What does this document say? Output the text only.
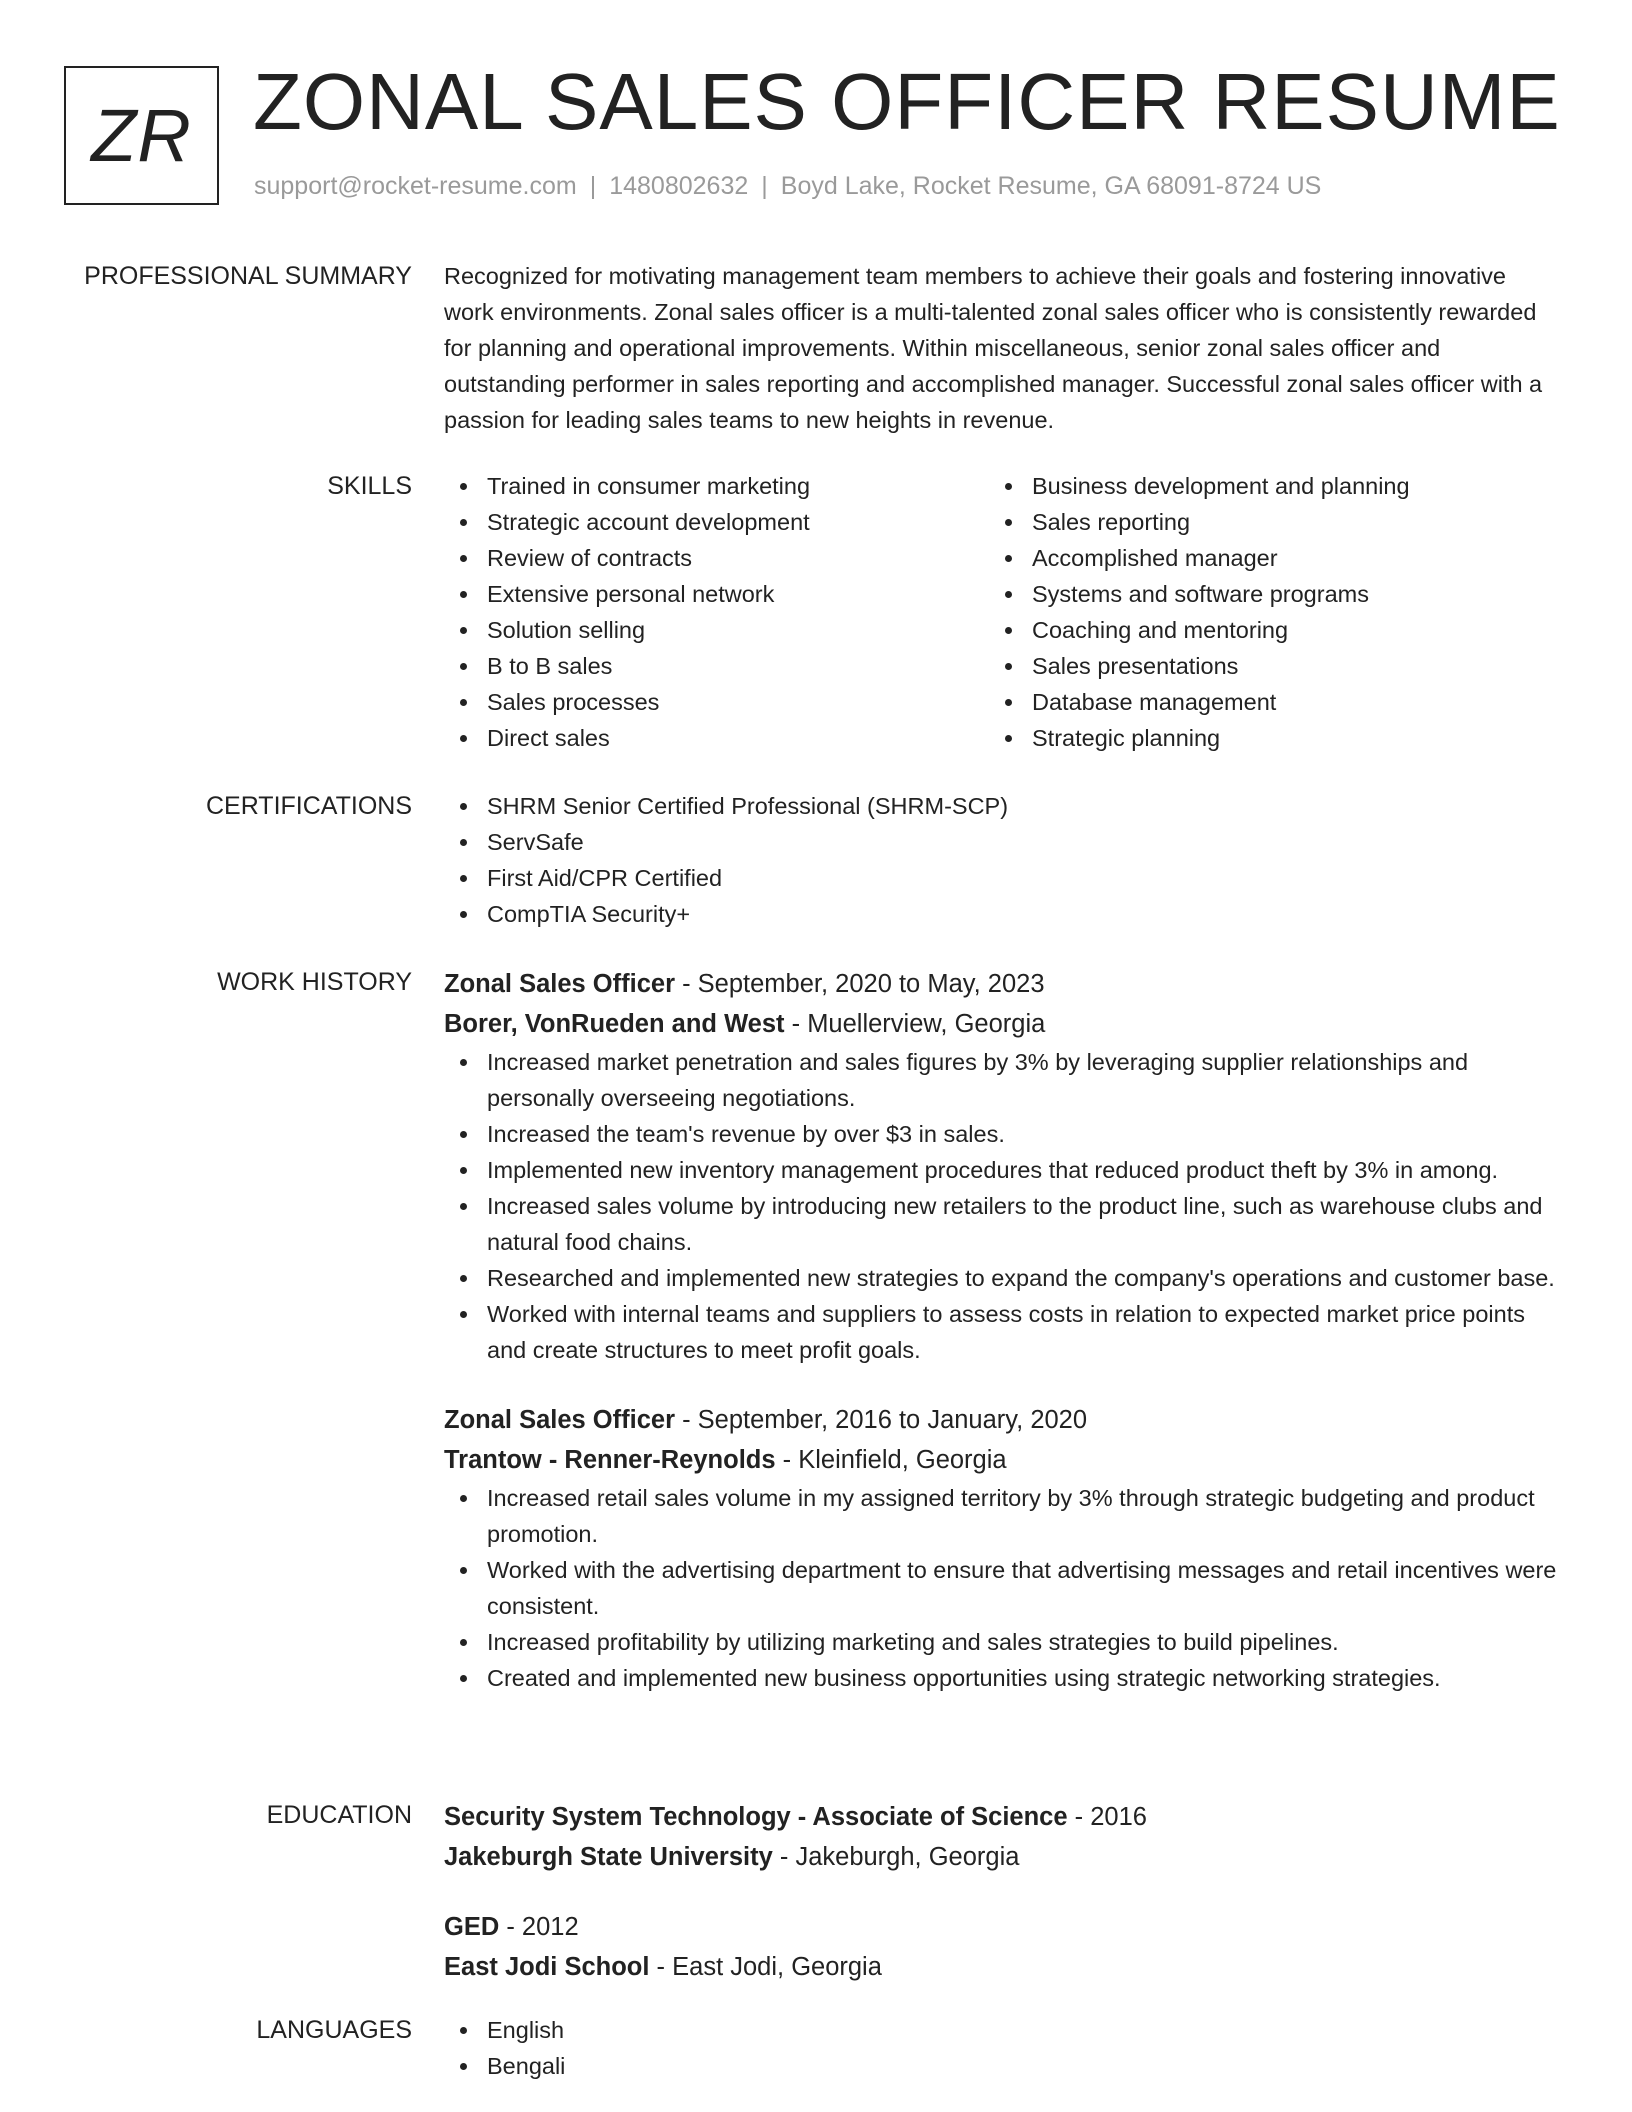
ZR ZONAL SALES OFFICER RESUME
support@rocket-resume.com | 1480802632 | Boyd Lake, Rocket Resume, GA 68091-8724 US
PROFESSIONAL SUMMARY Recognized for motivating management team members to achieve their goals and fostering innovative work environments. Zonal sales officer is a multi-talented zonal sales officer who is consistently rewarded for planning and operational improvements. Within miscellaneous, senior zonal sales officer and outstanding performer in sales reporting and accomplished manager. Successful zonal sales officer with a passion for leading sales teams to new heights in revenue.

SKILLS	Trained in consumer marketing
Strategic account development
Review of contracts
Extensive personal network
Solution selling
B to B sales
Sales processes
Direct sales
Business development and planning
Sales reporting
Accomplished manager
Systems and software programs
Coaching and mentoring
Sales presentations
Database management
Strategic planning
CERTIFICATIONS	SHRM Senior Certified Professional (SHRM-SCP)
ServSafe
First Aid/CPR Certified
CompTIA Security+
WORK HISTORY Zonal Sales Officer - September, 2020 to May, 2023
Borer, VonRueden and West - Muellerview, Georgia
Increased market penetration and sales figures by 3% by leveraging supplier relationships and personally overseeing negotiations.
Increased the team's revenue by over $3 in sales.
Implemented new inventory management procedures that reduced product theft by 3% in among.
Increased sales volume by introducing new retailers to the product line, such as warehouse clubs and natural food chains.
Researched and implemented new strategies to expand the company's operations and customer base.
Worked with internal teams and suppliers to assess costs in relation to expected market price points and create structures to meet profit goals.
Zonal Sales Officer - September, 2016 to January, 2020
Trantow - Renner-Reynolds - Kleinfield, Georgia
Increased retail sales volume in my assigned territory by 3% through strategic budgeting and product promotion.
Worked with the advertising department to ensure that advertising messages and retail incentives were consistent.
Increased profitability by utilizing marketing and sales strategies to build pipelines.
Created and implemented new business opportunities using strategic networking strategies.
EDUCATION Security System Technology - Associate of Science - 2016
Jakeburgh State University - Jakeburgh, Georgia
GED - 2012
East Jodi School - East Jodi, Georgia
LANGUAGES	English
Bengali
